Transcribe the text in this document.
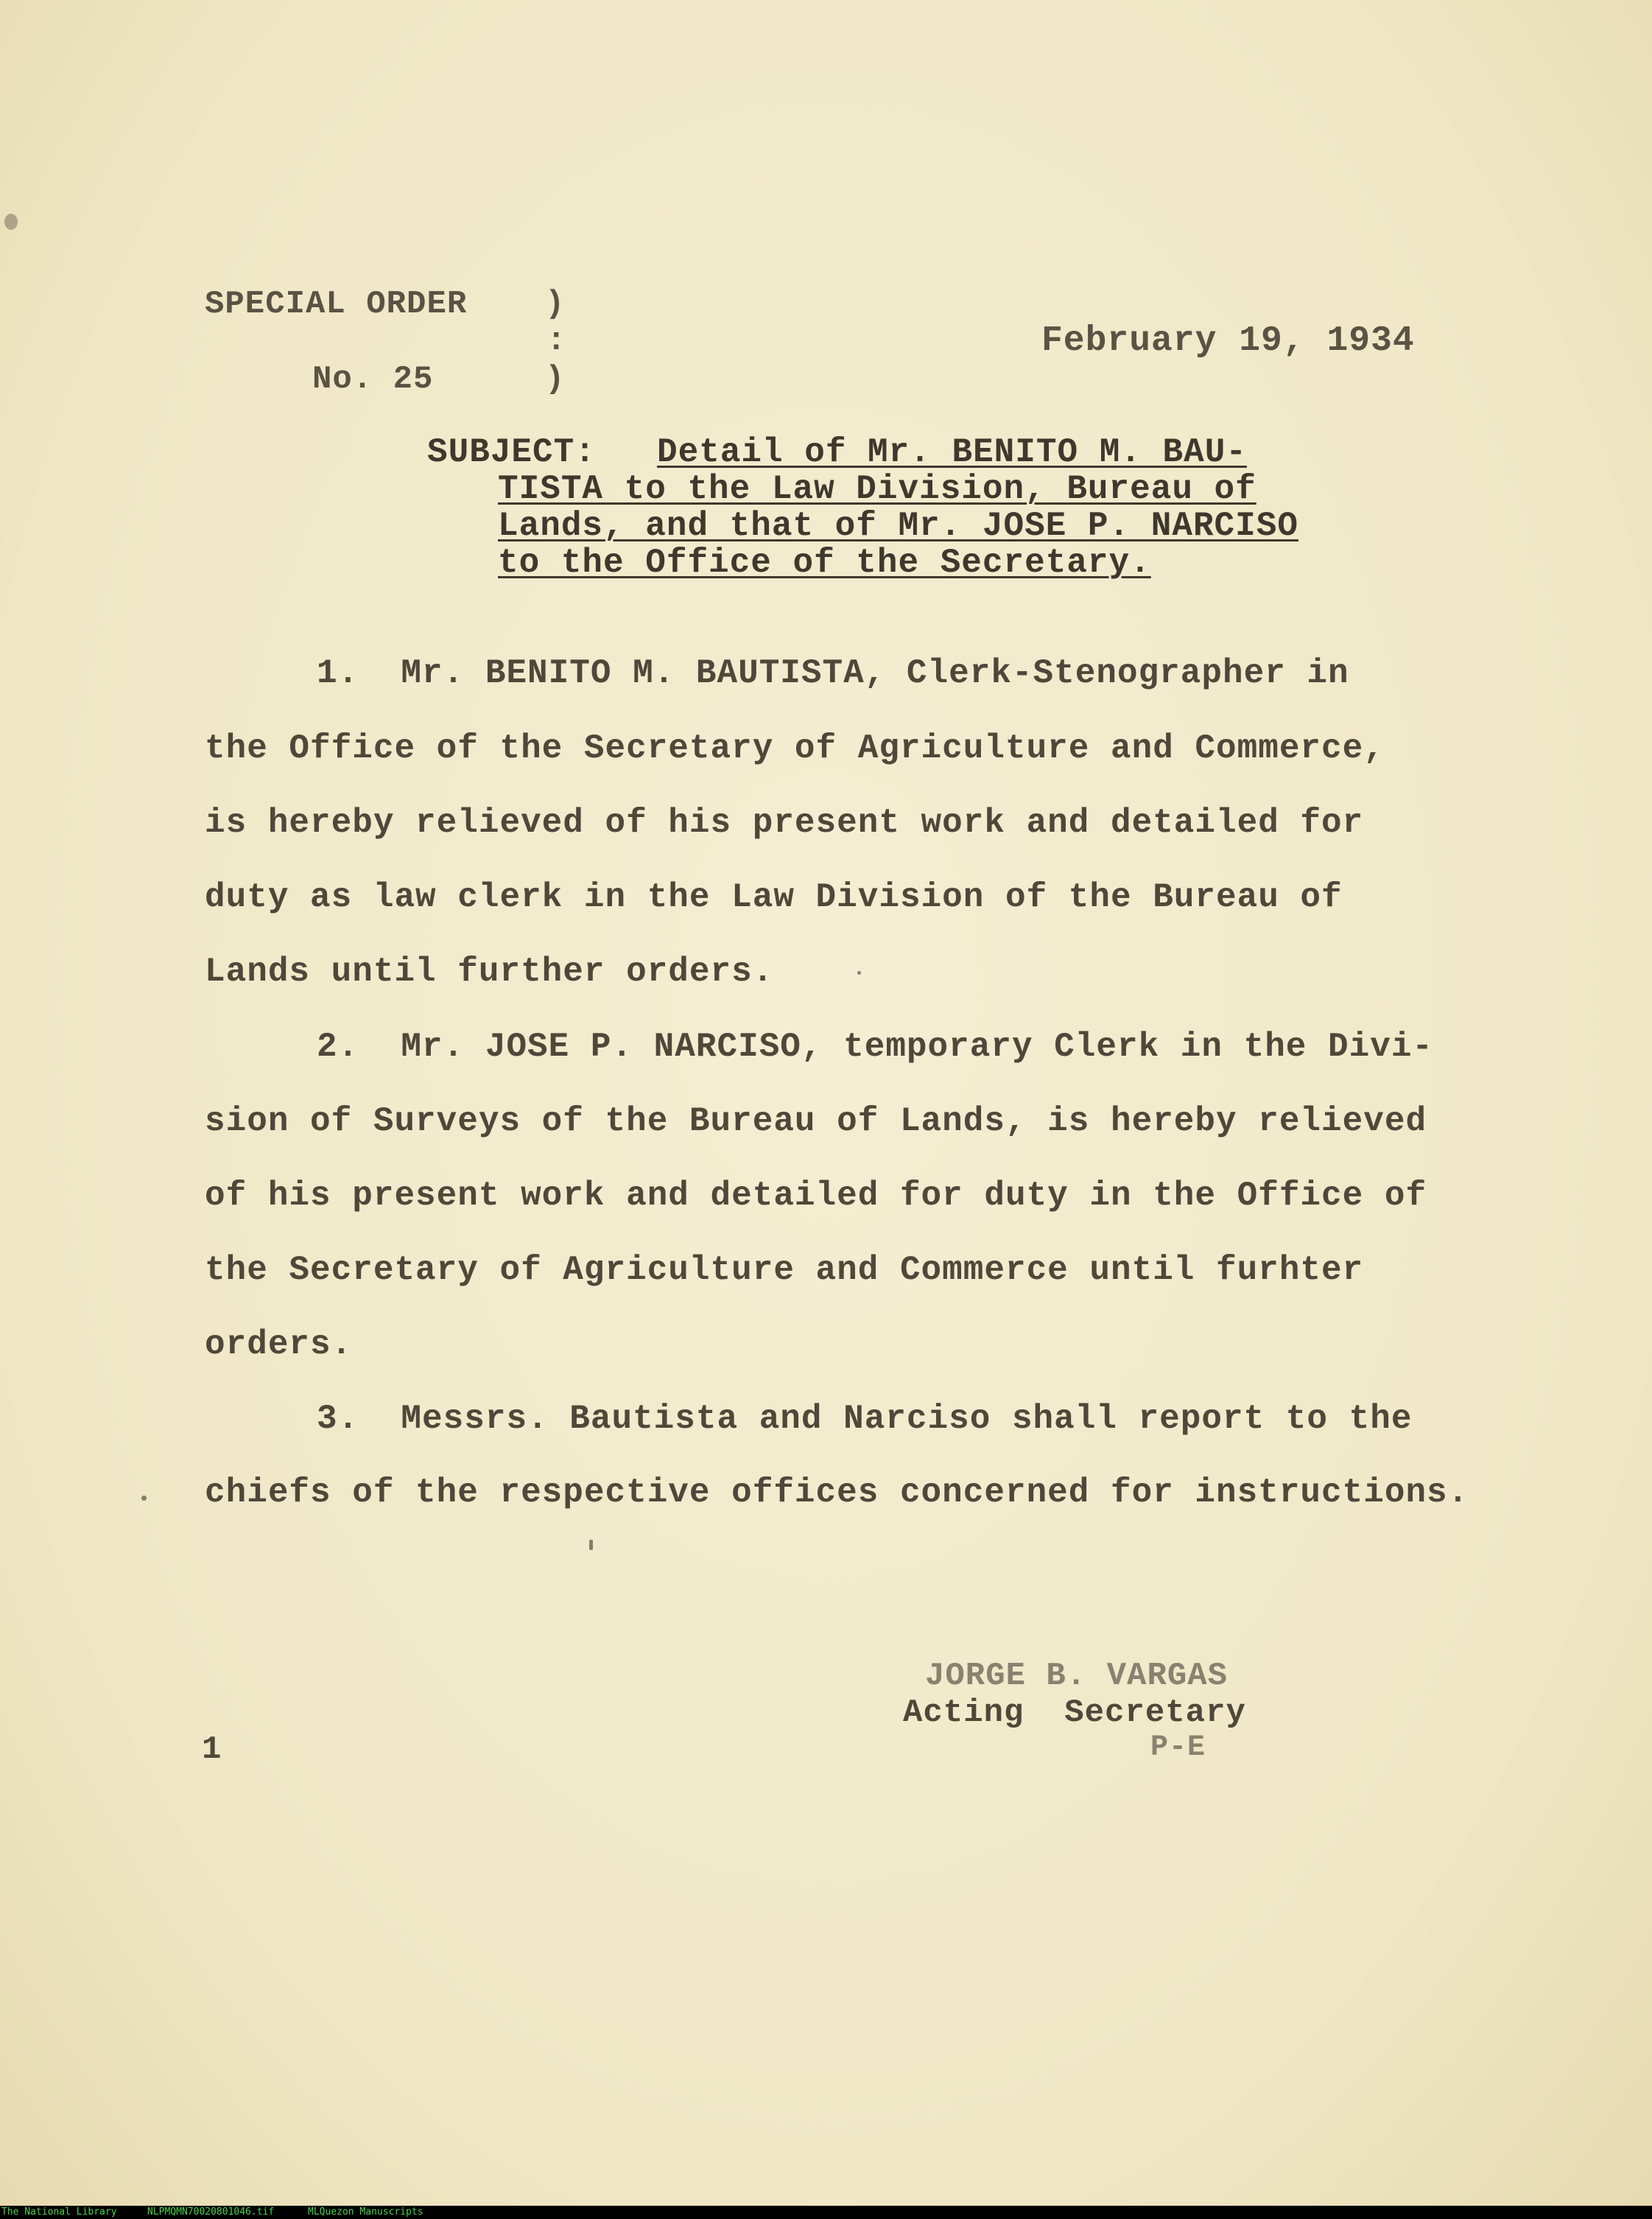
SPECIAL ORDER )
:
No. 25	)
February 19, 1934
SUBJECT: Detail of Mr. BENITO M. BAU-
TISTA to the Law Division, Bureau of
Lands, and that of Mr. JOSE P. NARCISO
to the Office of the Secretary.
1.  Mr. BENITO M. BAUTISTA, Clerk-Stenographer in
the Office of the Secretary of Agriculture and Commerce,
is hereby relieved of his present work and detailed for
duty as law clerk in the Law Division of the Bureau of
Lands until further orders.
2.  Mr. JOSE P. NARCISO, temporary Clerk in the Divi-
sion of Surveys of the Bureau of Lands, is hereby relieved
of his present work and detailed for duty in the Office of
the Secretary of Agriculture and Commerce until furhter
orders.
3.  Messrs. Bautista and Narciso shall report to the
chiefs of the respective offices concerned for instructions.
JORGE B. VARGAS
Acting  Secretary
P-E
1
The National Library	NLPMQMN70020801046.tif	MLQuezon Manuscripts
